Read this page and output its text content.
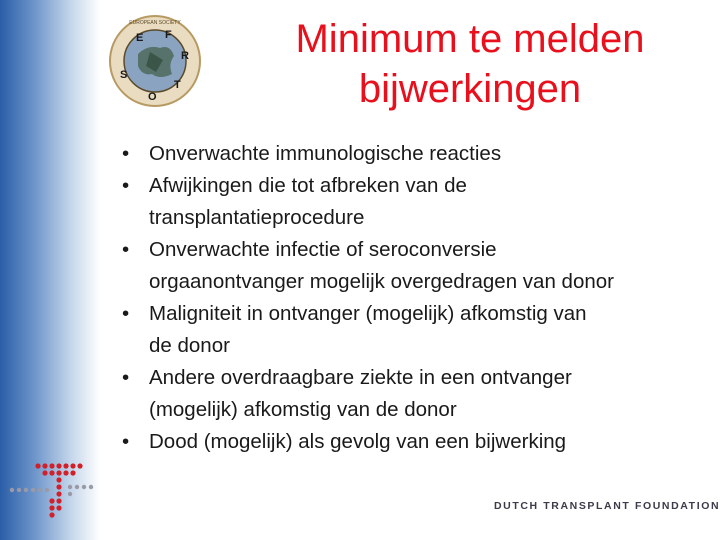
EUROPEAN SOCIETY
E F
R
T
O
S
Minimum te melden
bijwerkingen
• Onverwachte immunologische reacties
• Afwijkingen die tot afbreken van de
transplantatieprocedure
• Onverwachte infectie of seroconversie
orgaanontvanger mogelijk overgedragen van donor
• Maligniteit in ontvanger (mogelijk) afkomstig van
de donor
• Andere overdraagbare ziekte in een ontvanger
(mogelijk) afkomstig van de donor
• Dood (mogelijk) als gevolg van een bijwerking
DUTCH TRANSPLANT FOUNDATION
